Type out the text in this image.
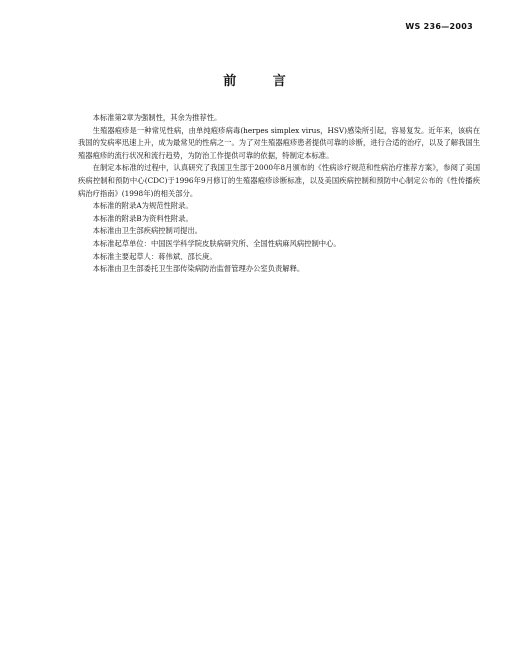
WS 236—2003
前 言

本标准第2章为强制性，其余为推荐性。

生殖器疱疹是一种常见性病，由单纯疱疹病毒(herpes simplex virus，HSV)感染所引起，容易复发。近年来，该病在我国的发病率迅速上升，成为最常见的性病之一。为了对生殖器疱疹患者提供可靠的诊断，进行合适的治疗，以及了解我国生殖器疱疹的流行状况和流行趋势，为防治工作提供可靠的依据，特制定本标准。

在制定本标准的过程中，认真研究了我国卫生部于2000年8月颁布的《性病诊疗规范和性病治疗推荐方案》，参阅了美国疾病控制和预防中心(CDC)于1996年9月修订的生殖器疱疹诊断标准，以及美国疾病控制和预防中心制定公布的《性传播疾病治疗指南》(1998年)的相关部分。

本标准的附录A为规范性附录。

本标准的附录B为资料性附录。

本标准由卫生部疾病控制司提出。

本标准起草单位：中国医学科学院皮肤病研究所、全国性病麻风病控制中心。

本标准主要起草人：蒋伟斌、邵长庚。

本标准由卫生部委托卫生部传染病防治监督管理办公室负责解释。
